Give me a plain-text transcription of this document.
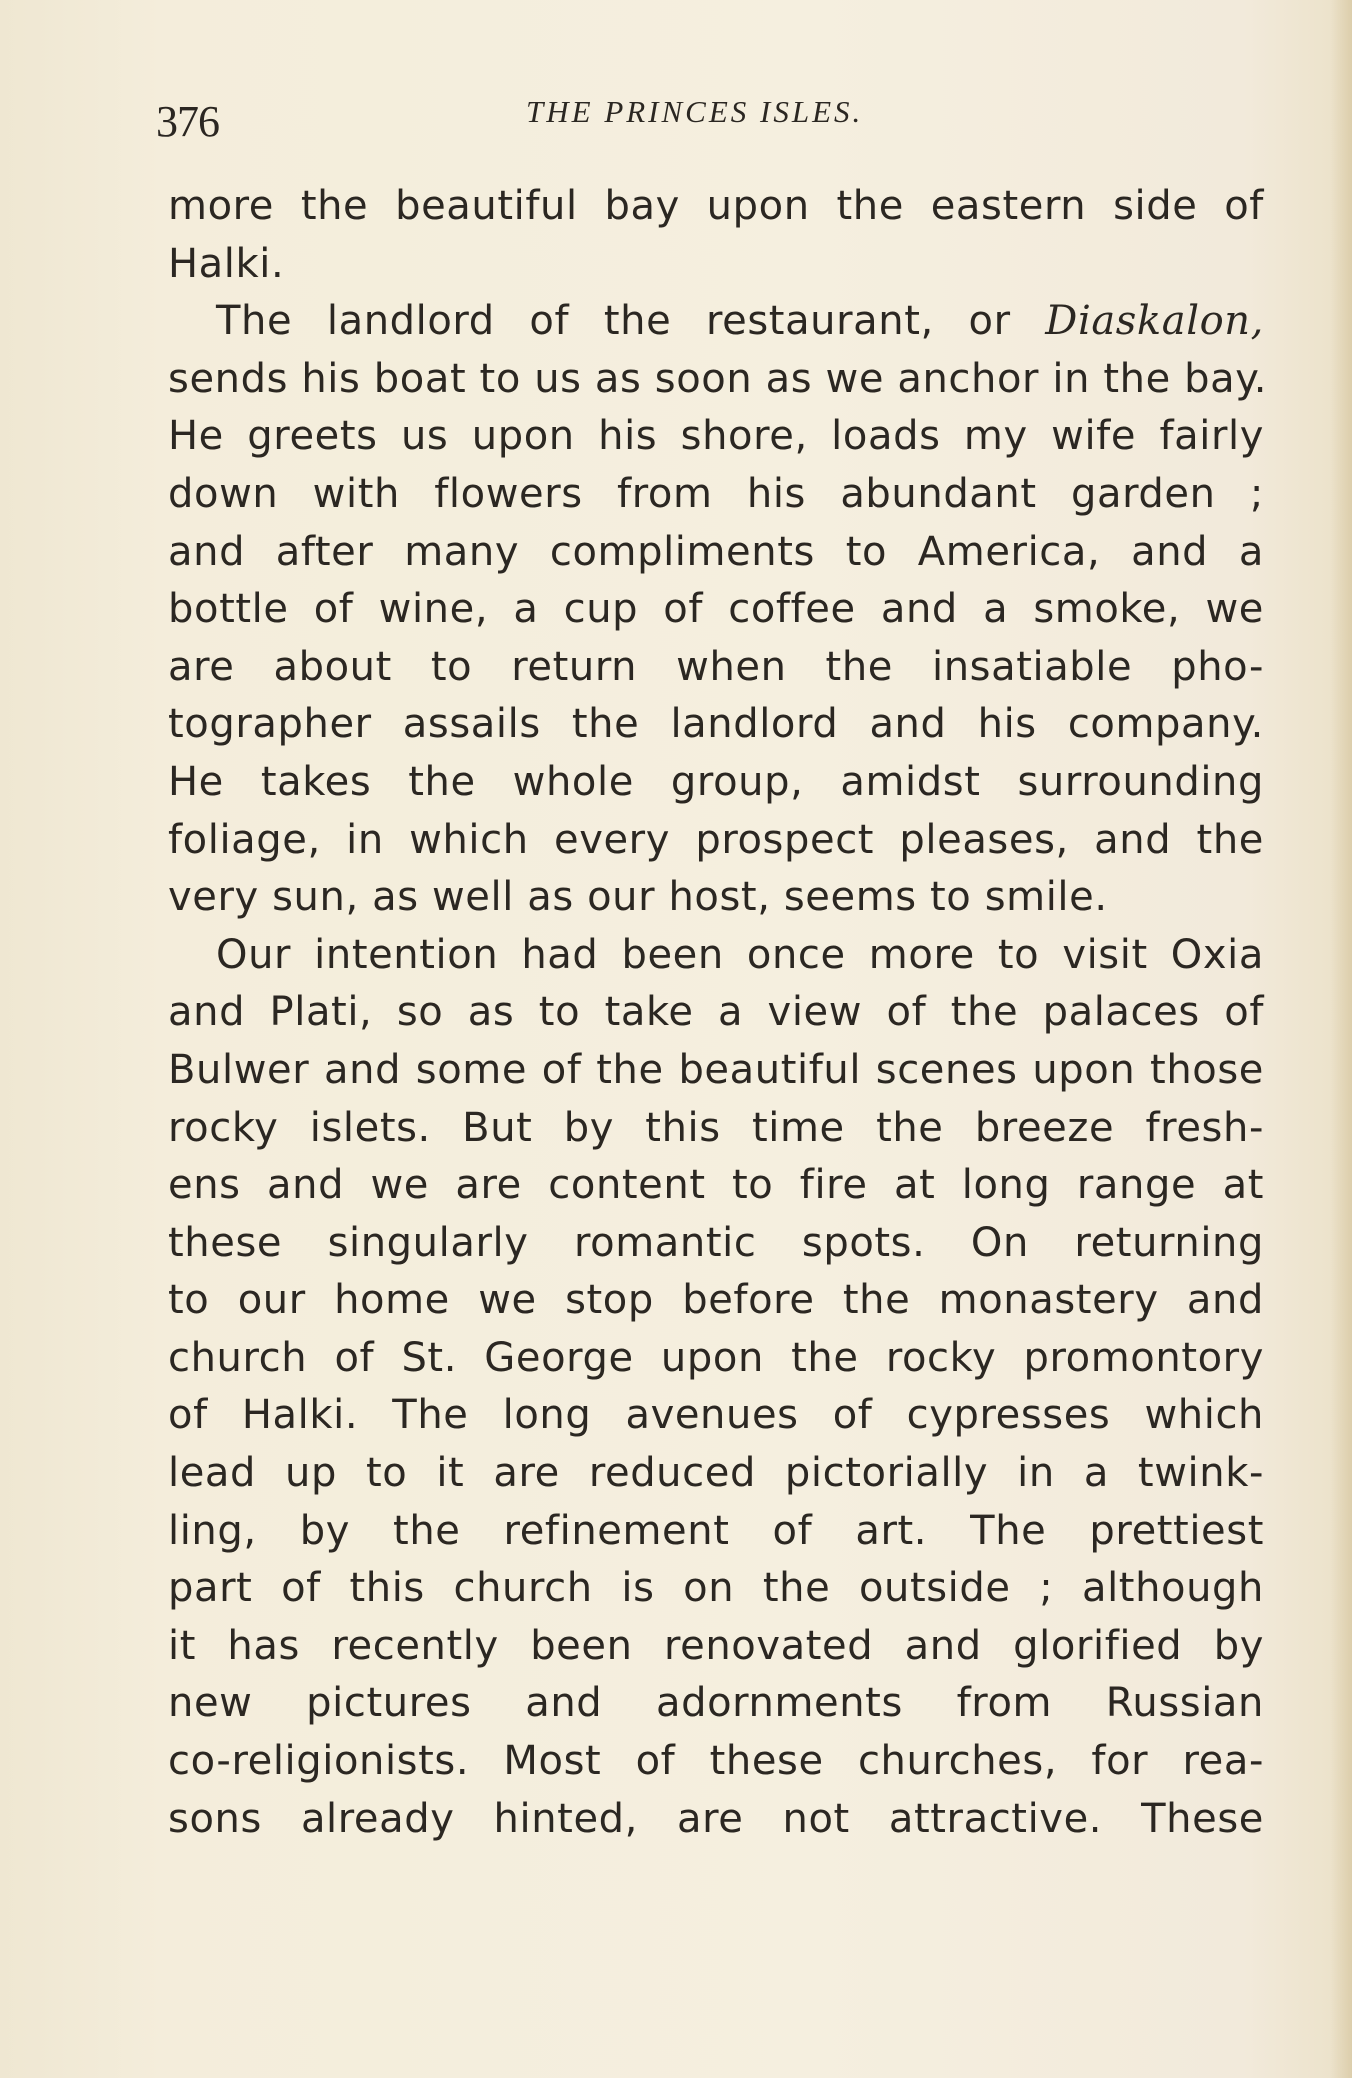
376	THE PRINCES ISLES.
more the beautiful bay upon the eastern side of
Halki.
The landlord of the restaurant, or Diaskalon,
sends his boat to us as soon as we anchor in the bay.
He greets us upon his shore, loads my wife fairly
down with flowers from his abundant garden ;
and after many compliments to America, and a
bottle of wine, a cup of coffee and a smoke, we
are about to return when the insatiable pho-
tographer assails the landlord and his company.
He takes the whole group, amidst surrounding
foliage, in which every prospect pleases, and the
very sun, as well as our host, seems to smile.
Our intention had been once more to visit Oxia
and Plati, so as to take a view of the palaces of
Bulwer and some of the beautiful scenes upon those
rocky islets. But by this time the breeze fresh-
ens and we are content to fire at long range at
these singularly romantic spots. On returning
to our home we stop before the monastery and
church of St. George upon the rocky promontory
of Halki. The long avenues of cypresses which
lead up to it are reduced pictorially in a twink-
ling, by the refinement of art. The prettiest
part of this church is on the outside ; although
it has recently been renovated and glorified by
new pictures and adornments from Russian
co-religionists. Most of these churches, for rea-
sons already hinted, are not attractive. These
